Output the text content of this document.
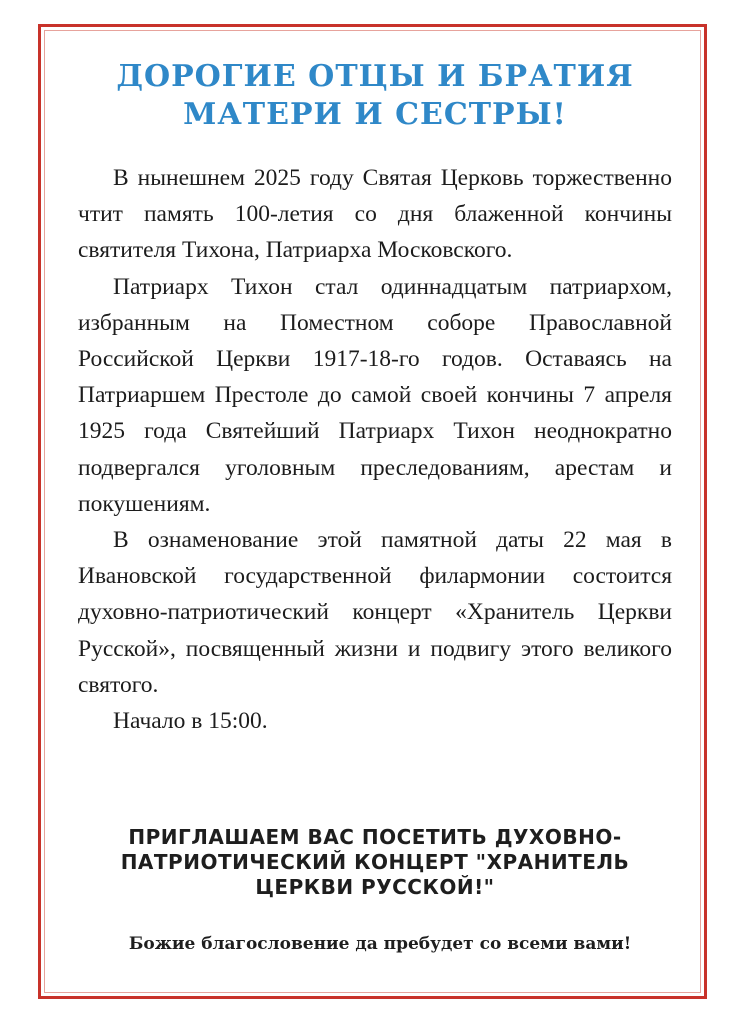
ДОРОГИЕ ОТЦЫ И БРАТИЯ
МАТЕРИ И СЕСТРЫ!

В нынешнем 2025 году Святая Церковь торжественно чтит память 100-летия со дня блаженной кончины святителя Тихона, Патриарха Московского.

Патриарх Тихон стал одиннадцатым патриархом, избранным на Поместном соборе Православной Российской Церкви 1917-18-го годов. Оставаясь на Патриаршем Престоле до самой своей кончины 7 апреля 1925 года Святейший Патриарх Тихон неоднократно подвергался уголовным преследованиям, арестам и покушениям.

В ознаменование этой памятной даты 22 мая в Ивановской государственной филармонии состоится духовно-патриотический концерт «Хранитель Церкви Русской», посвященный жизни и подвигу этого великого святого.

Начало в 15:00.

ПРИГЛАШАЕМ ВАС ПОСЕТИТЬ ДУХОВНО-ПАТРИОТИЧЕСКИЙ КОНЦЕРТ "ХРАНИТЕЛЬ ЦЕРКВИ РУССКОЙ!"

Божие благословение да пребудет со всеми вами!
